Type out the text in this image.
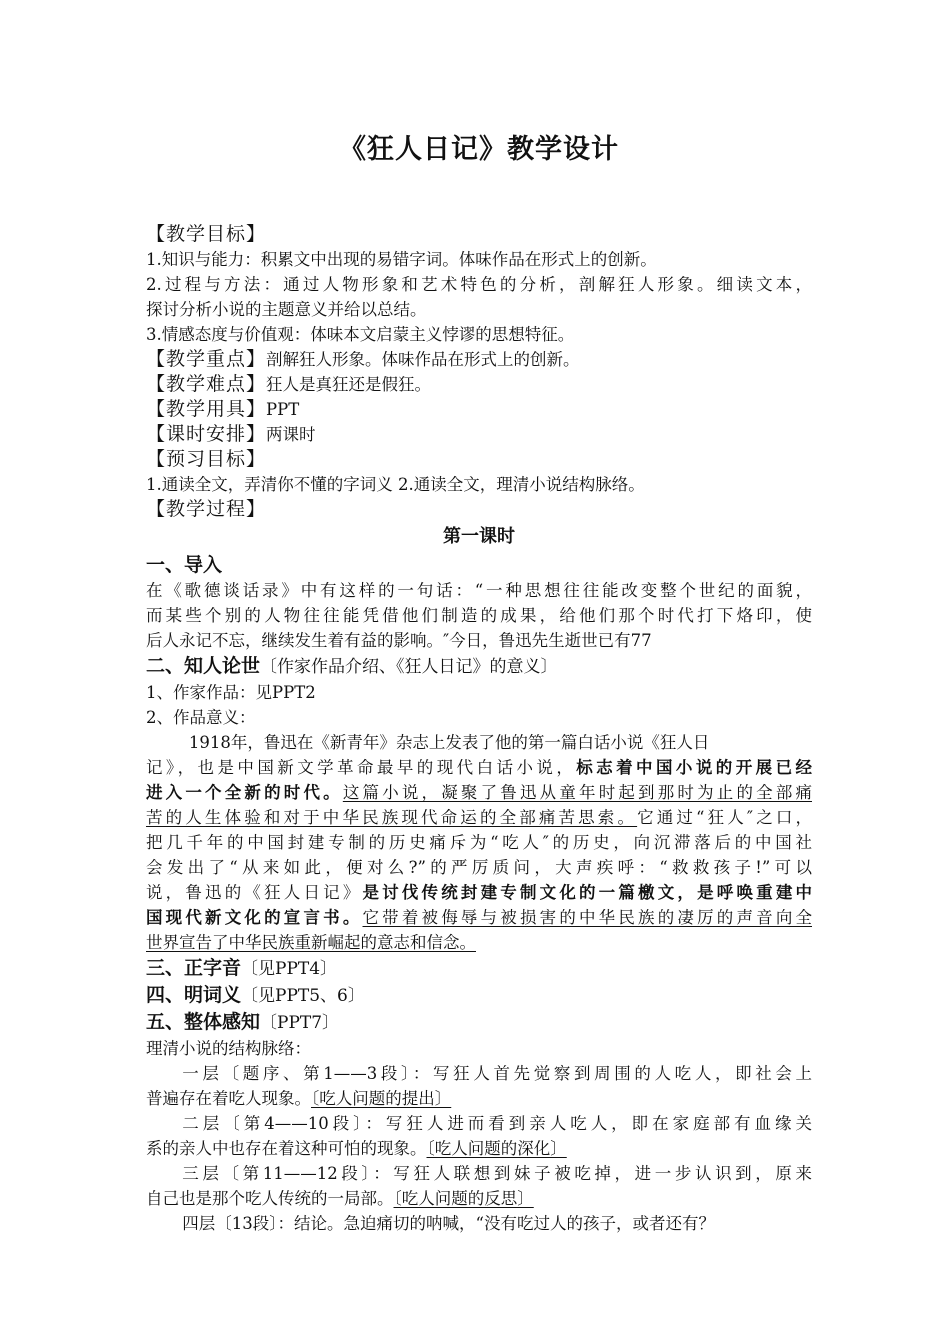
《狂人日记》教学设计
【教学目标】
1.知识与能力：积累文中出现的易错字词。体味作品在形式上的创新。
2.过程与方法：通过人物形象和艺术特色的分析，剖解狂人形象。细读文本，
探讨分析小说的主题意义并给以总结。
3.情感态度与价值观：体味本文启蒙主义悖谬的思想特征。
【教学重点】剖解狂人形象。体味作品在形式上的创新。
【教学难点】狂人是真狂还是假狂。
【教学用具】PPT
【课时安排】两课时
【预习目标】
1.通读全文，弄清你不懂的字词义 2.通读全文，理清小说结构脉络。
【教学过程】
第一课时
一、导入
在《歌德谈话录》中有这样的一句话：“一种思想往往能改变整个世纪的面貌，
而某些个别的人物往往能凭借他们制造的成果，给他们那个时代打下烙印，使
后人永记不忘，继续发生着有益的影响。″今日，鲁迅先生逝世已有77
二、知人论世〔作家作品介绍、《狂人日记》的意义〕
1、作家作品：见PPT2
2、作品意义：
1918年，鲁迅在《新青年》杂志上发表了他的第一篇白话小说《狂人日
记》，也是中国新文学革命最早的现代白话小说，标志着中国小说的开展已经
进入一个全新的时代。这篇小说，凝聚了鲁迅从童年时起到那时为止的全部痛
苦的人生体验和对于中华民族现代命运的全部痛苦思索。它通过“狂人″之口，
把几千年的中国封建专制的历史痛斥为“吃人″的历史，向沉滞落后的中国社
会发出了“从来如此，便对么?”的严厉质问，大声疾呼：“救救孩子!”可以
说，鲁迅的《狂人日记》是讨伐传统封建专制文化的一篇檄文，是呼唤重建中
国现代新文化的宣言书。它带着被侮辱与被损害的中华民族的凄厉的声音向全
世界宣告了中华民族重新崛起的意志和信念。
三、正字音〔见PPT4〕
四、明词义〔见PPT5、6〕
五、整体感知〔PPT7〕
理清小说的结构脉络：
一层〔题序、第1——3段〕：写狂人首先觉察到周围的人吃人，即社会上
普遍存在着吃人现象。〔吃人问题的提出〕
二层〔第4——10段〕：写狂人进而看到亲人吃人，即在家庭部有血缘关
系的亲人中也存在着这种可怕的现象。〔吃人问题的深化〕
三层〔第11——12段〕：写狂人联想到妹子被吃掉，进一步认识到，原来
自己也是那个吃人传统的一局部。〔吃人问题的反思〕
四层〔13段〕：结论。急迫痛切的呐喊，“没有吃过人的孩子，或者还有？
